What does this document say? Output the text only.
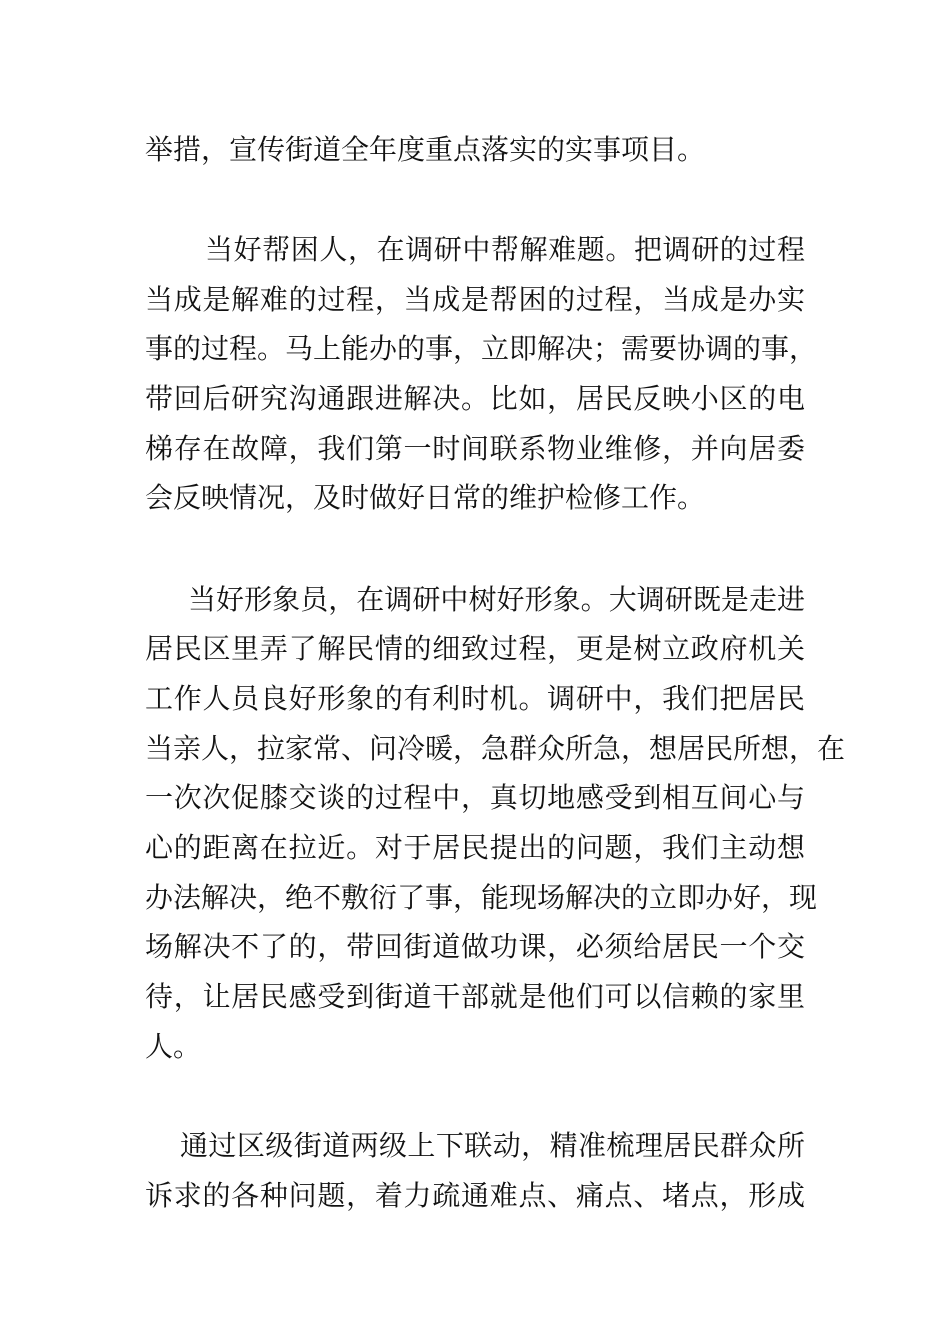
举措，宣传街道全年度重点落实的实事项目。
当好帮困人，在调研中帮解难题。把调研的过程
当成是解难的过程，当成是帮困的过程，当成是办实
事的过程。马上能办的事，立即解决；需要协调的事，
带回后研究沟通跟进解决。比如，居民反映小区的电
梯存在故障，我们第一时间联系物业维修，并向居委
会反映情况，及时做好日常的维护检修工作。
当好形象员，在调研中树好形象。大调研既是走进
居民区里弄了解民情的细致过程，更是树立政府机关
工作人员良好形象的有利时机。调研中，我们把居民
当亲人，拉家常、问冷暖，急群众所急，想居民所想，在
一次次促膝交谈的过程中，真切地感受到相互间心与
心的距离在拉近。对于居民提出的问题，我们主动想
办法解决，绝不敷衍了事，能现场解决的立即办好，现
场解决不了的，带回街道做功课，必须给居民一个交
待，让居民感受到街道干部就是他们可以信赖的家里
人。
通过区级街道两级上下联动，精准梳理居民群众所
诉求的各种问题，着力疏通难点、痛点、堵点，形成
